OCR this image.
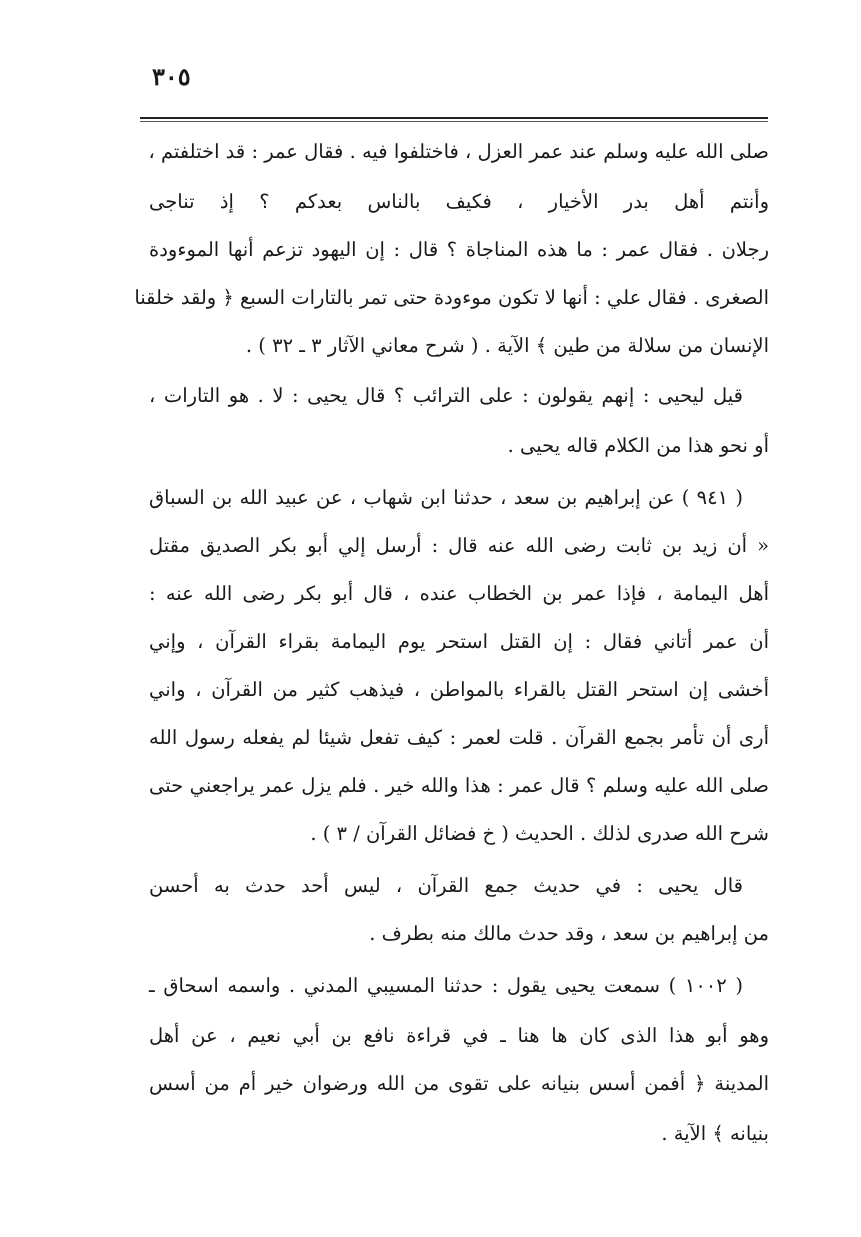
٣٠٥
صلى الله عليه وسلم عند عمر العزل ، فاختلفوا فيه . فقال عمر : قد اختلفتم ،
وأنتم أهل بدر الأخيار ، فكيف بالناس بعدكم ؟ إذ تناجى
رجلان . فقال عمر : ما هذه المناجاة ؟ قال : إن اليهود تزعم أنها الموءودة
الصغرى . فقال علي : أنها لا تكون موءودة حتى تمر بالتارات السبع ﴿ ولقد خلقنا
الإنسان من سلالة من طين ﴾ الآية . ( شرح معاني الآثار ٣ ـ ٣٢ ) .
قيل ليحيى : إنهم يقولون : على الترائب ؟ قال يحيى : لا . هو التارات ،
أو نحو هذا من الكلام قاله يحيى .
( ٩٤١ ) عن إبراهيم بن سعد ، حدثنا ابن شهاب ، عن عبيد الله بن السباق
« أن زيد بن ثابت رضى الله عنه قال : أرسل إلي أبو بكر الصديق مقتل
أهل اليمامة ، فإذا عمر بن الخطاب عنده ، قال أبو بكر رضى الله عنه :
أن عمر أتاني فقال : إن القتل استحر يوم اليمامة بقراء القرآن ، وإني
أخشى إن استحر القتل بالقراء بالمواطن ، فيذهب كثير من القرآن ، واني
أرى أن تأمر بجمع القرآن . قلت لعمر : كيف تفعل شيئا لم يفعله رسول الله
صلى الله عليه وسلم ؟ قال عمر : هذا والله خير . فلم يزل عمر يراجعني حتى
شرح الله صدرى لذلك . الحديث ( خ فضائل القرآن / ٣ ) .
قال يحيى : في حديث جمع القرآن ، ليس أحد حدث به أحسن
من إبراهيم بن سعد ، وقد حدث مالك منه بطرف .
( ١٠٠٢ ) سمعت يحيى يقول : حدثنا المسيبي المدني . واسمه اسحاق ـ
وهو أبو هذا الذى كان ها هنا ـ في قراءة نافع بن أبي نعيم ، عن أهل
المدينة ﴿ أفمن أسس بنيانه على تقوى من الله ورضوان خير أم من أسس
بنيانه ﴾ الآية .
